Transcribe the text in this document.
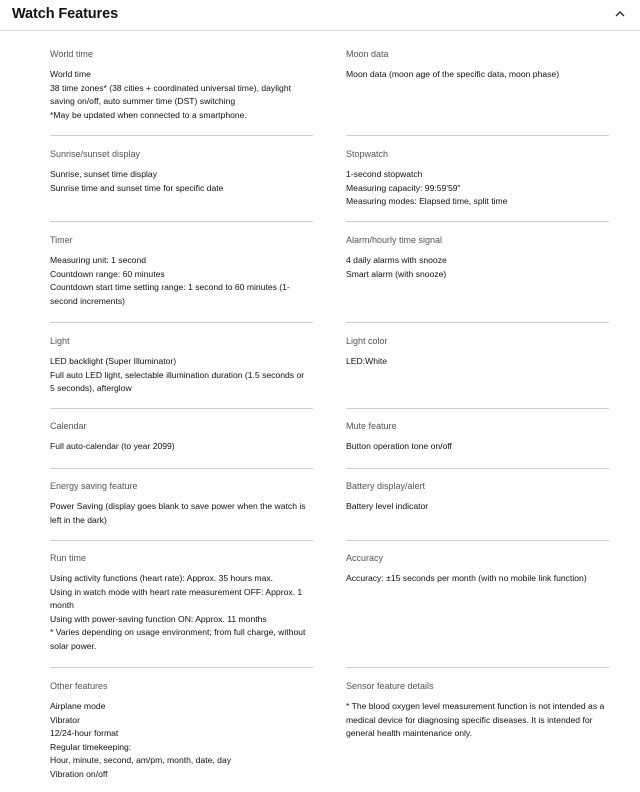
Watch Features
World time
World time
38 time zones* (38 cities + coordinated universal time), daylight
saving on/off, auto summer time (DST) switching
*May be updated when connected to a smartphone.
Moon data
Moon data (moon age of the specific data, moon phase)
Sunrise/sunset display
Sunrise, sunset time display
Sunrise time and sunset time for specific date
Stopwatch
1-second stopwatch
Measuring capacity: 99:59'59"
Measuring modes: Elapsed time, split time
Timer
Measuring unit: 1 second
Countdown range: 60 minutes
Countdown start time setting range: 1 second to 60 minutes (1-
second increments)
Alarm/hourly time signal
4 daily alarms with snooze
Smart alarm (with snooze)
Light
LED backlight (Super Illuminator)
Full auto LED light, selectable illumination duration (1.5 seconds or
5 seconds), afterglow
Light color
LED:White
Calendar
Full auto-calendar (to year 2099)
Mute feature
Button operation tone on/off
Energy saving feature
Power Saving (display goes blank to save power when the watch is
left in the dark)
Battery display/alert
Battery level indicator
Run time
Using activity functions (heart rate): Approx. 35 hours max.
Using in watch mode with heart rate measurement OFF: Approx. 1
month
Using with power-saving function ON: Approx. 11 months
* Varies depending on usage environment; from full charge, without
solar power.
Accuracy
Accuracy: ±15 seconds per month (with no mobile link function)
Other features
Airplane mode
Vibrator
12/24-hour format
Regular timekeeping:
Hour, minute, second, am/pm, month, date, day
Vibration on/off
Sensor feature details
* The blood oxygen level measurement function is not intended as a
medical device for diagnosing specific diseases. It is intended for
general health maintenance only.
